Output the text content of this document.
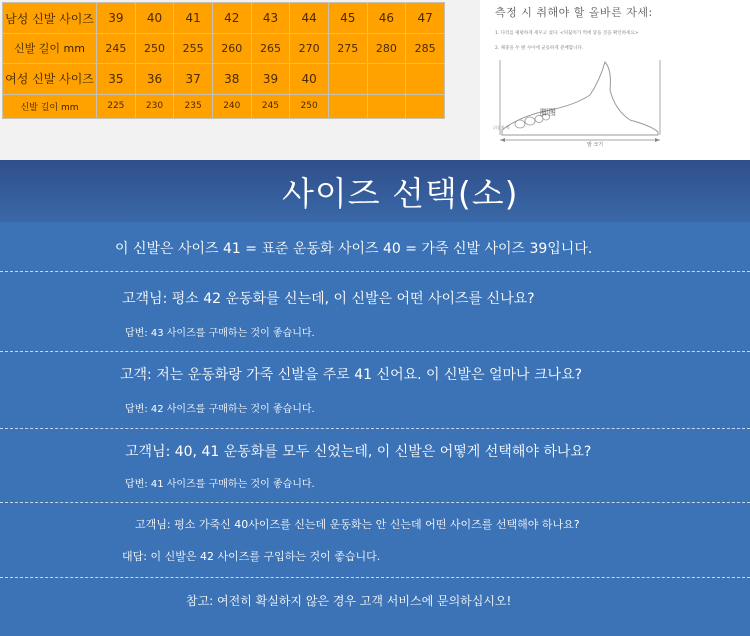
남성 신발 사이즈	39	40	41	42	43	44	45	46	47
신발 길이 mm	245	250	255	260	265	270	275	280	285
여성 신발 사이즈	35	36	37	38	39	40			
신발 길이 mm	225	230	235	240	245	250			
측정 시 취해야 할 올바른 자세:
1. 다리를 평평하게 세우고 섰다. <뒤꿈치가 벽에 닿을 것을 확인하세요>
2. 체중을 두 발 사이에 균등하게 분배합니다.
뒤꿈치 벽
脚图
발 크기
사이즈 선택(소)
이 신발은 사이즈 41 = 표준 운동화 사이즈 40 = 가죽 신발 사이즈 39입니다.
고객님: 평소 42 운동화를 신는데, 이 신발은 어떤 사이즈를 신나요?
답변: 43 사이즈를 구매하는 것이 좋습니다.
고객: 저는 운동화랑 가죽 신발을 주로 41 신어요. 이 신발은 얼마나 크나요?
답변: 42 사이즈를 구매하는 것이 좋습니다.
고객님: 40, 41 운동화를 모두 신었는데, 이 신발은 어떻게 선택해야 하나요?
답변: 41 사이즈를 구매하는 것이 좋습니다.
고객님: 평소 가죽신 40사이즈를 신는데 운동화는 안 신는데 어떤 사이즈를 선택해야 하나요?
대답: 이 신발은 42 사이즈를 구입하는 것이 좋습니다.
참고: 여전히 확실하지 않은 경우 고객 서비스에 문의하십시오!
